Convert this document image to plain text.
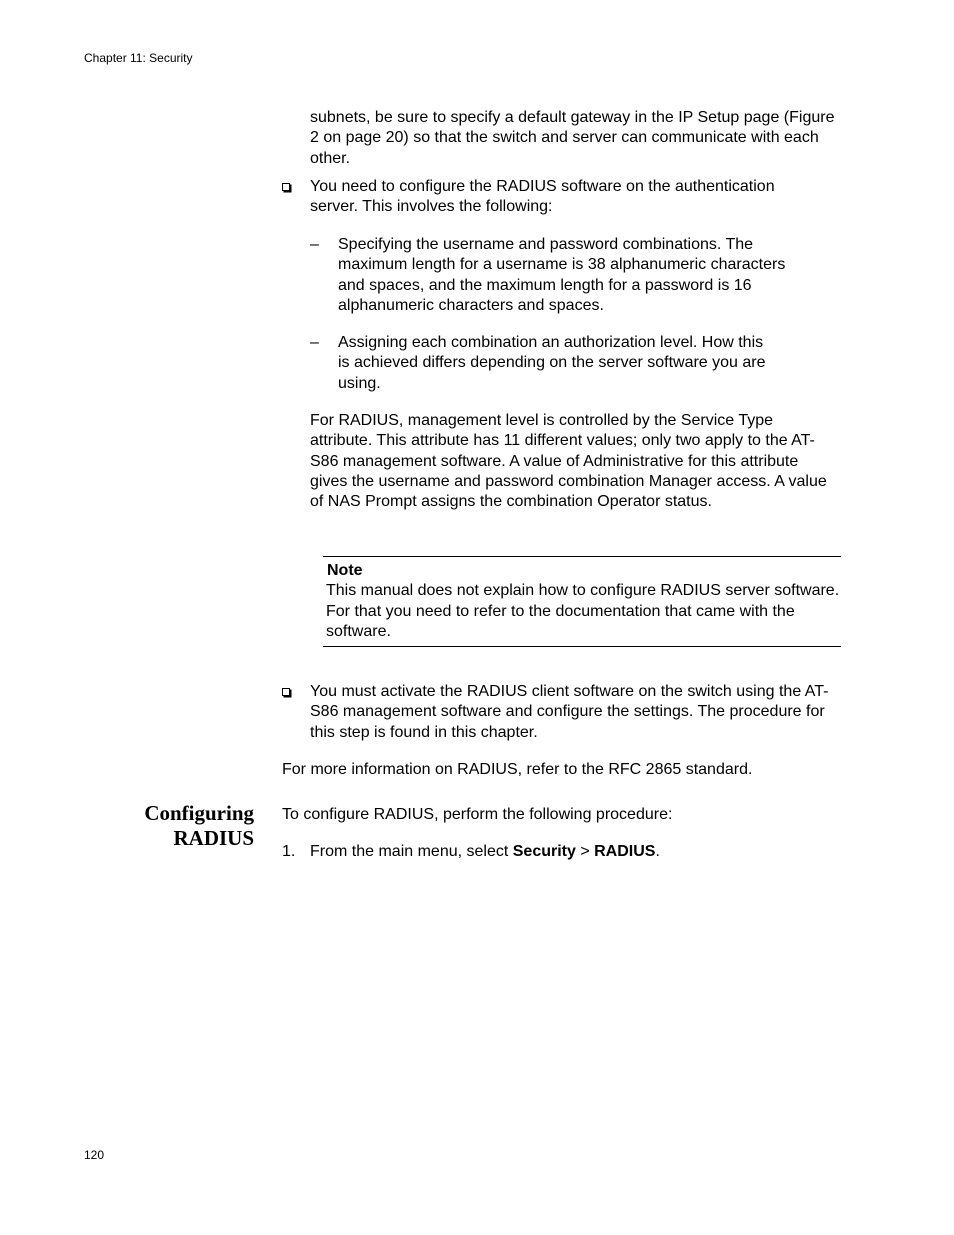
Chapter 11: Security
subnets, be sure to specify a default gateway in the IP Setup page (Figure 2 on page 20) so that the switch and server can communicate with each other.
You need to configure the RADIUS software on the authentication server. This involves the following:
– Specifying the username and password combinations. The maximum length for a username is 38 alphanumeric characters and spaces, and the maximum length for a password is 16 alphanumeric characters and spaces.
– Assigning each combination an authorization level. How this is achieved differs depending on the server software you are using.
For RADIUS, management level is controlled by the Service Type attribute. This attribute has 11 different values; only two apply to the AT-S86 management software. A value of Administrative for this attribute gives the username and password combination Manager access. A value of NAS Prompt assigns the combination Operator status.
Note
This manual does not explain how to configure RADIUS server software. For that you need to refer to the documentation that came with the software.
You must activate the RADIUS client software on the switch using the AT-S86 management software and configure the settings. The procedure for this step is found in this chapter.
For more information on RADIUS, refer to the RFC 2865 standard.
Configuring
RADIUS
To configure RADIUS, perform the following procedure:
1. From the main menu, select Security > RADIUS.
120
